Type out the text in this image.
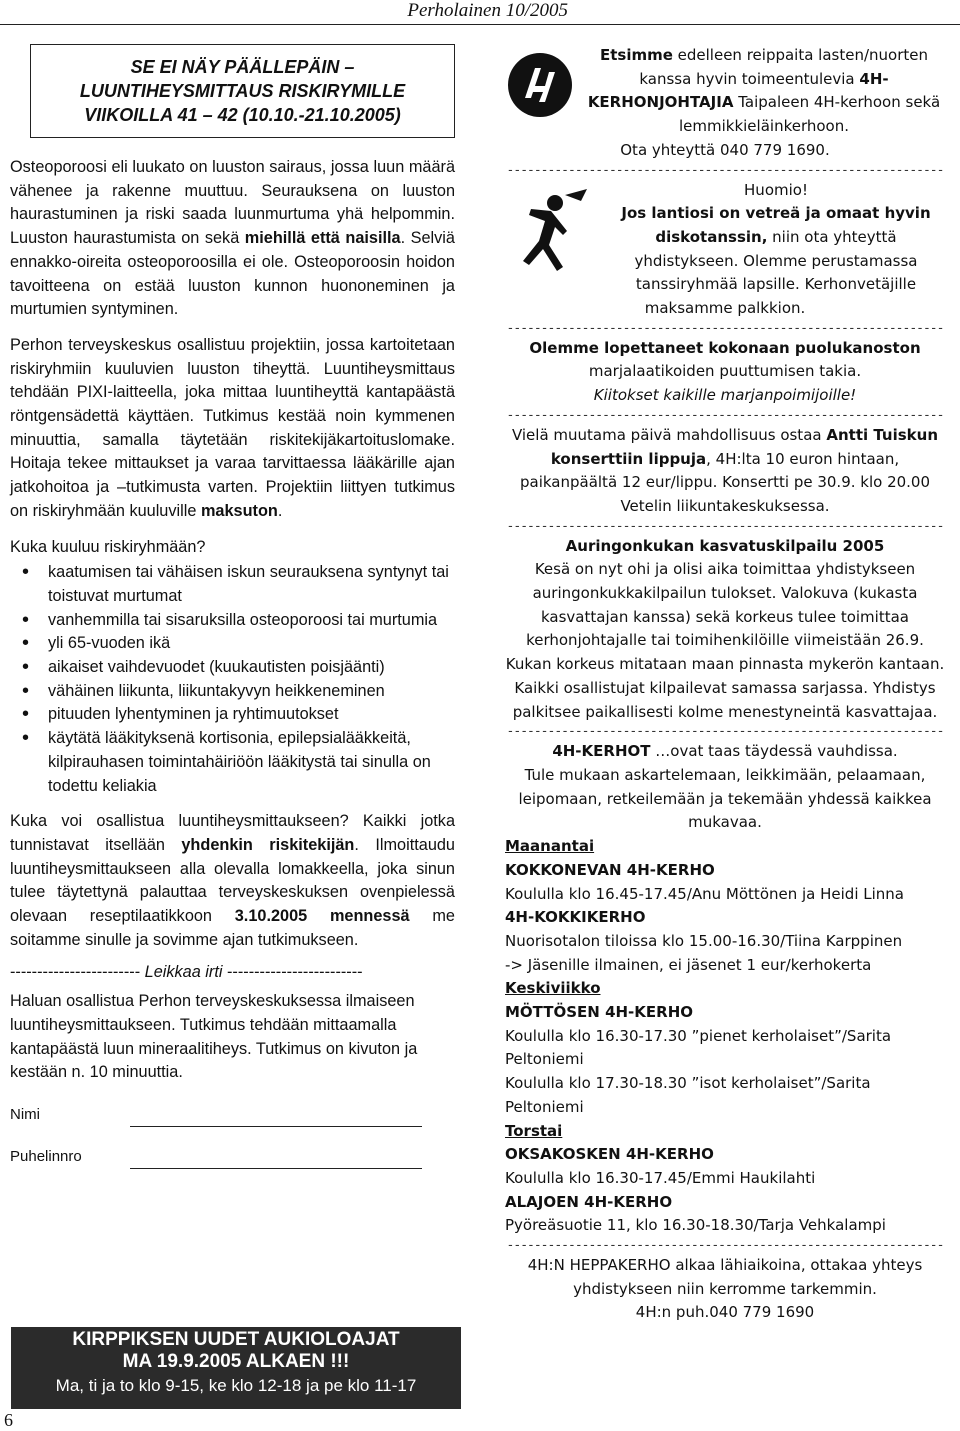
Perholainen 10/2005
6
SE EI NÄY PÄÄLLEPÄIN –
LUUNTIHEYSMITTAUS RISKIRYMILLE
VIIKOILLA 41 – 42 (10.10.-21.10.2005)

Osteoporoosi eli luukato on luuston sairaus, jossa luun määrä vähenee ja rakenne muuttuu. Seurauksena on luuston haurastuminen ja riski saada luunmurtuma yhä helpommin. Luuston haurastumista on sekä miehillä että naisilla. Selviä ennakko-oireita osteoporoosilla ei ole. Osteoporoosin hoidon tavoitteena on estää luuston kunnon huononeminen ja murtumien syntyminen.

Perhon terveyskeskus osallistuu projektiin, jossa kartoitetaan riskiryhmiin kuuluvien luuston tiheyttä. Luuntiheysmittaus tehdään PIXI-laitteella, joka mittaa luuntiheyttä kantapäästä röntgensädettä käyttäen. Tutkimus kestää noin kymmenen minuuttia, samalla täytetään riskitekijäkartoituslomake. Hoitaja tekee mittaukset ja varaa tarvittaessa lääkärille ajan jatkohoitoa ja –tutkimusta varten. Projektiin liittyen tutkimus on riskiryhmään kuuluville maksuton.

Kuka kuuluu riskiryhmään?

• kaatumisen tai vähäisen iskun seurauksena syntynyt tai toistuvat murtumat
• vanhemmilla tai sisaruksilla osteoporoosi tai murtumia
• yli 65-vuoden ikä
• aikaiset vaihdevuodet (kuukautisten poisjäänti)
• vähäinen liikunta, liikuntakyvyn heikkeneminen
• pituuden lyhentyminen ja ryhtimuutokset
• käytätä lääkityksenä kortisonia, epilepsialääkkeitä, kilpirauhasen toimintahäiriöön lääkitystä tai sinulla on todettu keliakia

Kuka voi osallistua luuntiheysmittaukseen? Kaikki jotka tunnistavat itsellään yhdenkin riskitekijän. Ilmoittaudu luuntiheysmittaukseen alla olevalla lomakkeella, joka sinun tulee täytettynä palauttaa terveyskeskuksen ovenpielessä olevaan reseptilaatikkoon 3.10.2005 mennessä me soitamme sinulle ja sovimme ajan tutkimukseen.

------------------------ Leikkaa irti -------------------------

Haluan osallistua Perhon terveyskeskuksessa ilmaiseen luuntiheysmittaukseen. Tutkimus tehdään mittaamalla kantapäästä luun mineraalitiheys. Tutkimus on kivuton ja kestään n. 10 minuuttia.

Nimi
Puhelinnro
KIRPPIKSEN UUDET AUKIOLOAJAT
MA 19.9.2005 ALKAEN !!!
Ma, ti ja to klo 9-15, ke klo 12-18 ja pe klo 11-17

Etsimme edelleen reippaita lasten/nuorten kanssa hyvin toimeentulevia 4H-KERHONJOHTAJIA Taipaleen 4H-kerhoon sekä lemmikkieläinkerhoon.

Ota yhteyttä 040 779 1690.

----------------------------------------------------------------

Huomio!

Jos lantiosi on vetreä ja omaat hyvin diskotanssin, niin ota yhteyttä yhdistykseen. Olemme perustamassa tanssiryhmää lapsille. Kerhonvetäjille maksamme palkkion.

----------------------------------------------------------------

Olemme lopettaneet kokonaan puolukanoston
marjalaatikoiden puuttumisen takia.
Kiitokset kaikille marjanpoimijoille!

----------------------------------------------------------------

Vielä muutama päivä mahdollisuus ostaa Antti Tuiskun konserttiin lippuja, 4H:lta 10 euron hintaan, paikanpäältä 12 eur/lippu. Konsertti pe 30.9. klo 20.00 Vetelin liikuntakeskuksessa.

----------------------------------------------------------------

Auringonkukan kasvatuskilpailu 2005

Kesä on nyt ohi ja olisi aika toimittaa yhdistykseen auringonkukkakilpailun tulokset. Valokuva (kukasta kasvattajan kanssa) sekä korkeus tulee toimittaa kerhonjohtajalle tai toimihenkilöille viimeistään 26.9. Kukan korkeus mitataan maan pinnasta mykerön kantaan. Kaikki osallistujat kilpailevat samassa sarjassa. Yhdistys palkitsee paikallisesti kolme menestyneintä kasvattajaa.

----------------------------------------------------------------

4H-KERHOT …ovat taas täydessä vauhdissa.

Tule mukaan askartelemaan, leikkimään, pelaamaan, leipomaan, retkeilemään ja tekemään yhdessä kaikkea mukavaa.

Maanantai

KOKKONEVAN 4H-KERHO

Koululla klo 16.45-17.45/Anu Möttönen ja Heidi Linna

4H-KOKKIKERHO

Nuorisotalon tiloissa klo 15.00-16.30/Tiina Karppinen

-> Jäsenille ilmainen, ei jäsenet 1 eur/kerhokerta

Keskiviikko

MÖTTÖSEN 4H-KERHO

Koululla klo 16.30-17.30 ”pienet kerholaiset”/Sarita Peltoniemi

Koululla klo 17.30-18.30 ”isot kerholaiset”/Sarita Peltoniemi

Torstai

OKSAKOSKEN 4H-KERHO

Koululla klo 16.30-17.45/Emmi Haukilahti

ALAJOEN 4H-KERHO

Pyöreäsuotie 11, klo 16.30-18.30/Tarja Vehkalampi

----------------------------------------------------------------

4H:N HEPPAKERHO alkaa lähiaikoina, ottakaa yhteys yhdistykseen niin kerromme tarkemmin.

4H:n puh.040 779 1690
